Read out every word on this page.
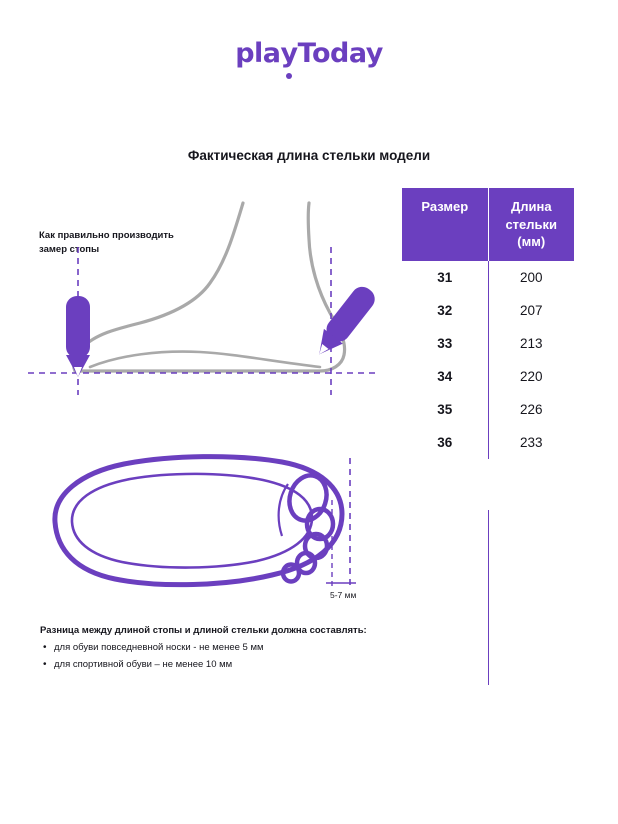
play
Today
Фактическая длина стельки модели
Как правильно производить замер стопы
5-7 мм
Размер	Длина
стельки
(мм)
31	200
32	207
33	213
34	220
35	226
36	233
Разница между длиной стопы и длиной стельки должна составлять:
• для обуви повседневной носки - не менее 5 мм
• для спортивной обуви – не менее 10 мм
